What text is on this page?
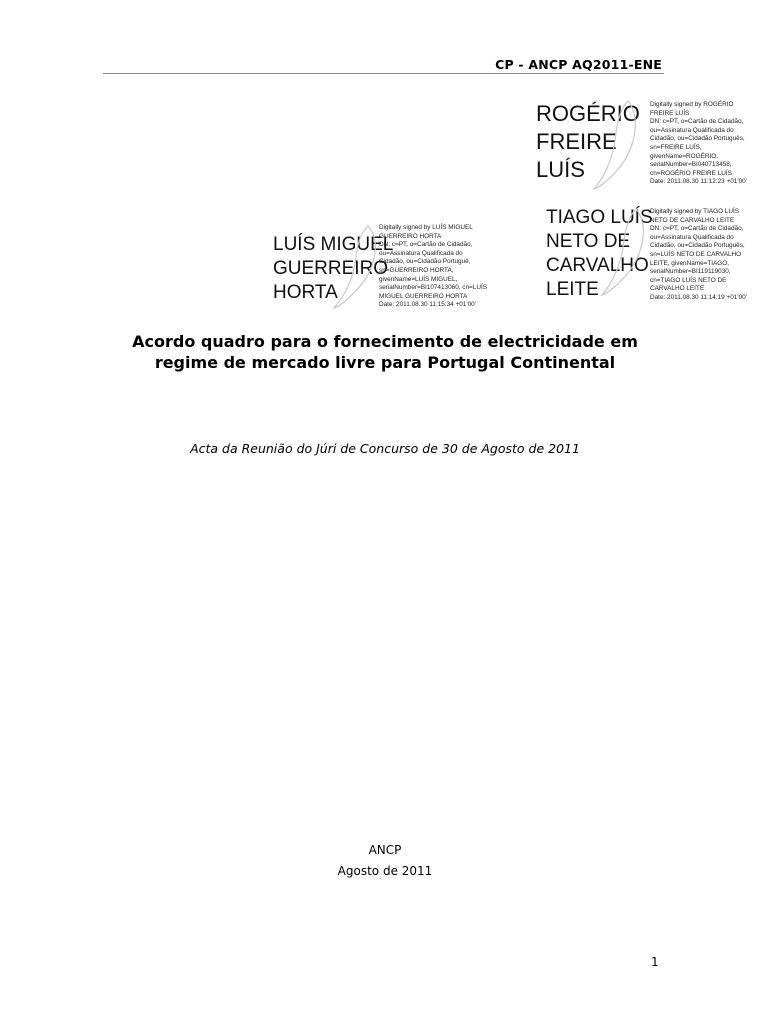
CP - ANCP AQ2011-ENE
ROGÉRIO
FREIRE
LUÍS
Digitally signed by ROGÉRIO
FREIRE LUÍS
DN: c=PT, o=Cartão de Cidadão,
ou=Assinatura Qualificada do
Cidadão, ou=Cidadão Português,
sn=FREIRE LUÍS,
givenName=ROGÉRIO,
serialNumber=BI040713458,
cn=ROGÉRIO FREIRE LUÍS
Date: 2011.08.30 11:12:23 +01'00'
LUÍS MIGUEL
GUERREIRO
HORTA
Digitally signed by LUÍS MIGUEL
GUERREIRO HORTA
DN: c=PT, o=Cartão de Cidadão,
ou=Assinatura Qualificada do
Cidadão, ou=Cidadão Portuguê,
sn=GUERREIRO HORTA,
givenName=LUÍS MIGUEL,
serialNumber=BI107413060, cn=LUÍS
MIGUEL GUERREIRO HORTA
Date: 2011.08.30 11:15:34 +01'00'
TIAGO LUÍS
NETO DE
CARVALHO
LEITE
Digitally signed by TIAGO LUÍS
NETO DE CARVALHO LEITE
DN: c=PT, o=Cartão de Cidadão,
ou=Assinatura Qualificada do
Cidadão, ou=Cidadão Português,
sn=LUÍS NETO DE CARVALHO
LEITE, givenName=TIAGO,
serialNumber=BI119119030,
cn=TIAGO LUÍS NETO DE
CARVALHO LEITE
Date: 2011.08.30 11:14:19 +01'00'
Acordo quadro para o fornecimento de electricidade em
regime de mercado livre para Portugal Continental
Acta da Reunião do Júri de Concurso de 30 de Agosto de 2011
ANCP
Agosto de 2011
1
